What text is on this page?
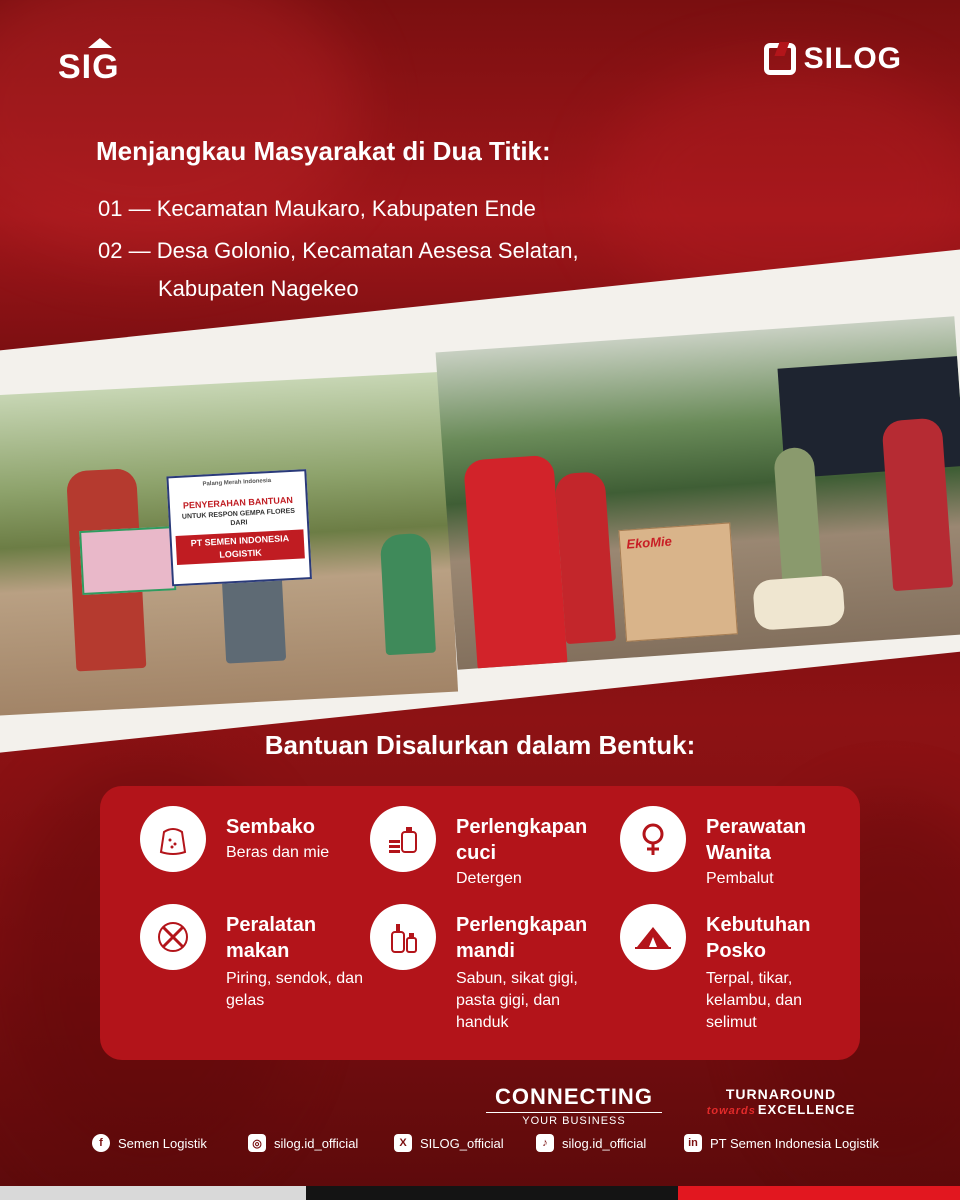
SIG	SILOG
Menjangkau Masyarakat di Dua Titik:
01 — Kecamatan Maukaro, Kabupaten Ende
02 — Desa Golonio, Kecamatan Aesesa Selatan,
Kabupaten Nagekeo
Palang Merah Indonesia
PENYERAHAN BANTUAN
UNTUK RESPON GEMPA FLORES
DARI
PT SEMEN INDONESIA LOGISTIK
EkoMie
Bantuan Disalurkan dalam Bentuk:
Sembako
Beras dan mie
Perlengkapan cuci
Detergen
Perawatan Wanita
Pembalut
Peralatan makan
Piring, sendok, dan gelas
Perlengkapan mandi
Sabun, sikat gigi, pasta gigi, dan handuk
Kebutuhan Posko
Terpal, tikar, kelambu, dan selimut
CONNECTING
YOUR BUSINESS
TURNAROUND
towards EXCELLENCE
f	Semen Logistik	◎ silog.id_official	X	SILOG_official	♪	silog.id_official	in PT Semen Indonesia Logistik
